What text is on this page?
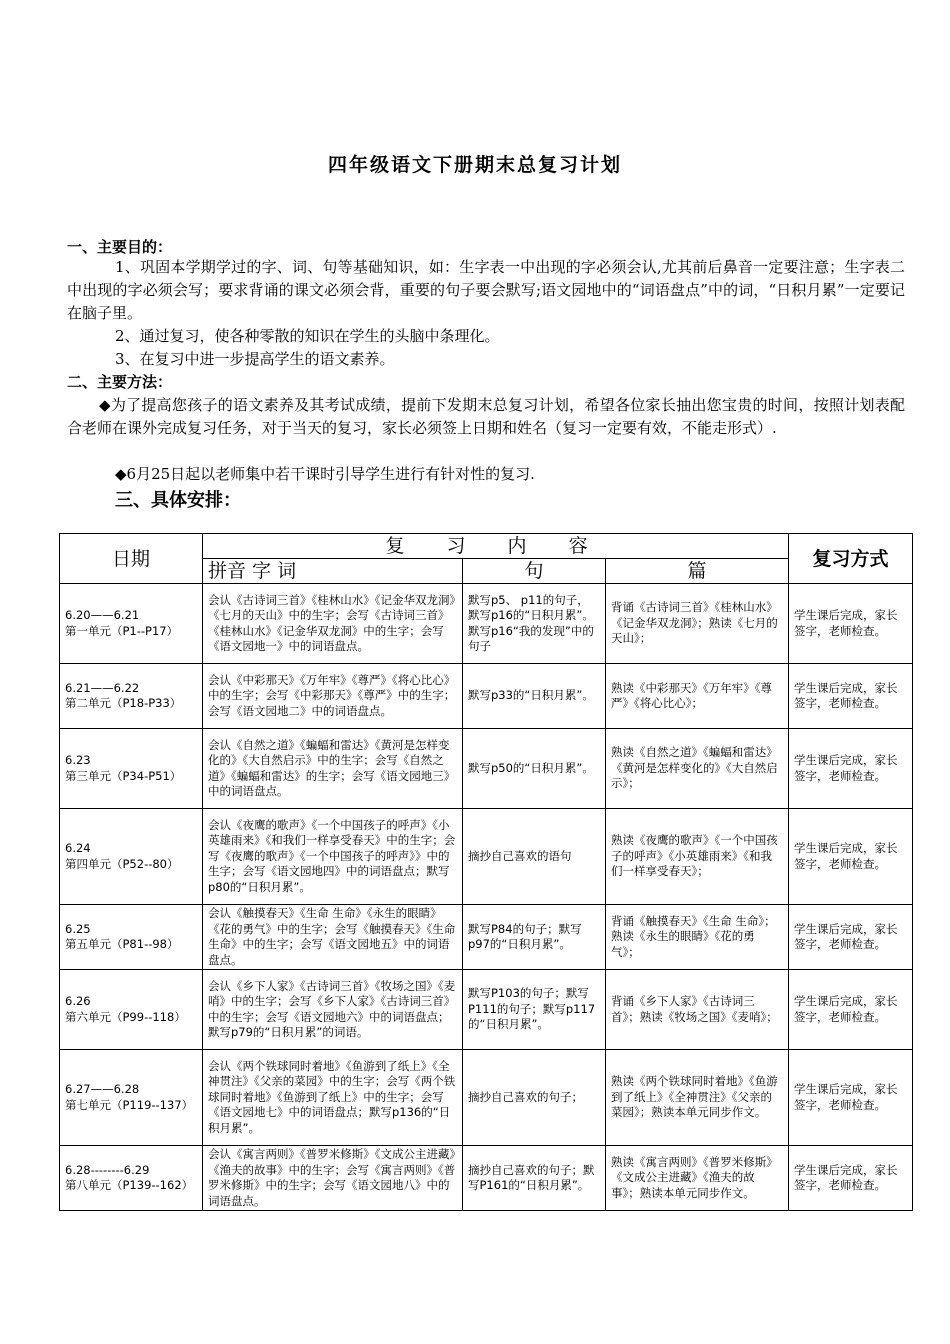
四年级语文下册期末总复习计划
一、主要目的：
1、巩固本学期学过的字、词、句等基础知识，如：生字表一中出现的字必须会认,尤其前后鼻音一定要注意；生字表二中出现的字必须会写；要求背诵的课文必须会背，重要的句子要会默写;语文园地中的“词语盘点”中的词，“日积月累”一定要记在脑子里。
2、通过复习，使各种零散的知识在学生的头脑中条理化。
3、在复习中进一步提高学生的语文素养。
二、主要方法：
◆为了提高您孩子的语文素养及其考试成绩，提前下发期末总复习计划，希望各位家长抽出您宝贵的时间，按照计划表配合老师在课外完成复习任务，对于当天的复习，家长必须签上日期和姓名（复习一定要有效，不能走形式）.
◆6月25日起以老师集中若干课时引导学生进行有针对性的复习.
三、具体安排：
日期	复 习 内 容			复习方式
	拼音 字 词	句	篇	

6.20——6.21
第一单元（P1--P17）	会认《古诗词三首》《桂林山水》《记金华双龙洞》《七月的天山》中的生字；会写《古诗词三首》《桂林山水》《记金华双龙洞》中的生字；会写《语文园地一》中的词语盘点。	默写p5、 p11的句子，默写p16的“日积月累”。默写p16“我的发现”中的句子	背诵《古诗词三首》《桂林山水》《记金华双龙洞》；熟读《七月的天山》；	学生课后完成，家长签字，老师检查。

6.21——6.22
第二单元（P18-P33）	会认《中彩那天》《万年牢》《尊严》《将心比心》中的生字；会写《中彩那天》《尊严》中的生字；会写《语文园地二》中的词语盘点。	默写p33的“日积月累”。	熟读《中彩那天》《万年牢》《尊严》《将心比心》；	学生课后完成，家长签字，老师检查。

6.23
第三单元（P34-P51）	会认《自然之道》《蝙蝠和雷达》《黄河是怎样变化的》《大自然启示》中的生字；会写《自然之道》《蝙蝠和雷达》的生字；会写《语文园地三》中的词语盘点。	默写p50的“日积月累”。	熟读《自然之道》《蝙蝠和雷达》《黄河是怎样变化的》《大自然启示》；	学生课后完成，家长签字，老师检查。

6.24
第四单元（P52--80）	会认《夜鹰的歌声》《一个中国孩子的呼声》《小英雄雨来》《和我们一样享受春天》中的生字；会写《夜鹰的歌声》《一个中国孩子的呼声》》中的生字；会写《语文园地四》中的词语盘点；默写p80的“日积月累”。	摘抄自己喜欢的语句	熟读《夜鹰的歌声》《一个中国孩子的呼声》《小英雄雨来》《和我们一样享受春天》；	学生课后完成，家长签字，老师检查。

6.25
第五单元（P81--98）	会认《触摸春天》《生命 生命》《永生的眼睛》《花的勇气》中的生字；会写《触摸春天》《生命 生命》中的生字；会写《语文园地五》中的词语盘点。	默写P84的句子；默写p97的“日积月累”。	背诵《触摸春天》《生命 生命》；熟读《永生的眼睛》《花的勇气》；	学生课后完成，家长签字，老师检查。

6.26
第六单元（P99--118）	会认《乡下人家》《古诗词三首》《牧场之国》《麦哨》中的生字；会写《乡下人家》《古诗词三首》中的生字；会写《语文园地六》中的词语盘点；默写p79的“日积月累”的词语。	默写P103的句子；默写P111的句子；默写p117的“日积月累”。	背诵《乡下人家》《古诗词三首》；熟读《牧场之国》《麦哨》；	学生课后完成，家长签字，老师检查。

6.27——6.28
第七单元（P119--137）	会认《两个铁球同时着地》《鱼游到了纸上》《全神贯注》《父亲的菜园》中的生字；会写《两个铁球同时着地》《鱼游到了纸上》中的生字；会写《语文园地七》中的词语盘点；默写p136的“日积月累”。	摘抄自己喜欢的句子；	熟读《两个铁球同时着地》《鱼游到了纸上》《全神贯注》《父亲的菜园》；熟读本单元同步作文。	学生课后完成，家长签字，老师检查。

6.28--------6.29
第八单元（P139--162）	会认《寓言两则》《普罗米修斯》《文成公主进藏》《渔夫的故事》中的生字；会写《寓言两则》《普罗米修斯》中的生字；会写《语文园地八》中的词语盘点。	摘抄自己喜欢的句子；默写P161的“日积月累”。	熟读《寓言两则》《普罗米修斯》《文成公主进藏》《渔夫的故事》；熟读本单元同步作文。	学生课后完成，家长签字，老师检查。
